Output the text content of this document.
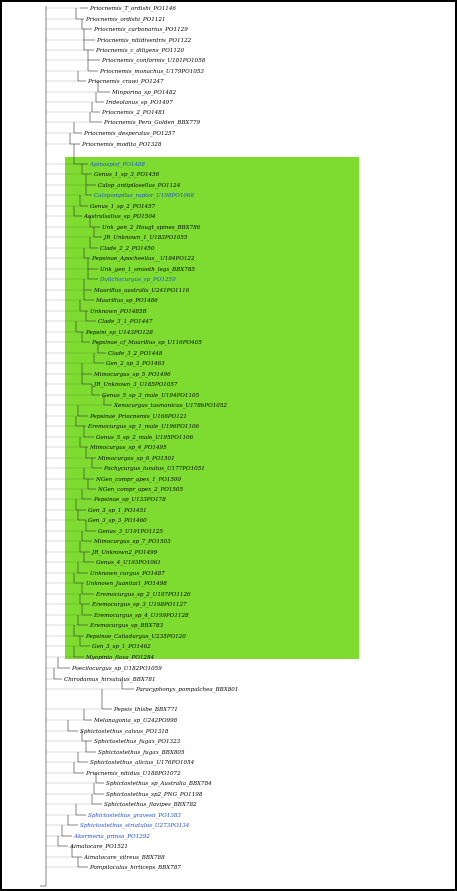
Priocnemis_T_ordishi_PO1146
Priocnemis_ordishi_PO1121
Priocnemis_carbonarius_PO1129
Priocnemis_nitidiventris_PO1122
Priocnemis_c_diligens_PO1120
Priocnemis_conformis_U181PO1058
Priocnemis_monachus_U179PO1053
Priocnemis_crawi_PO1247
Minporina_sp_PO1482
Irideolanus_sp_PO1497
Priocnemis_2_PO1481
Priocnemis_Peru_Golden_BBX779
Priocnemis_desperatus_PO1257
Priocnemis_modita_PO1328
Apinaspisf_PO1488
Genus_1_sp_3_PO1456
Calop_antipilosellus_PO1124
Calopompilus_raptor_U198PO1068
Genus_1_sp_2_PO1457
Australsalius_sp_PO1504
Unk_gen_2_Hougt_spines_BBX786
JR_Unknown_1_U183PO1055
Clade_2_2_PO1450
Pepsinae_Apocheelius__U184PO122
Unk_gen_1_smooth_legs_BBX785
Dolichocurgus_sp_PO1259
Maurillus_australis_U241PO1116
Maurillus_sp_PO1486
Unknown_PO1485B
Clade_3_1_PO1447
Pepsini_sp_U143PO128
Pepsinae_cf_Maurillus_sp_U116PO405
Clade_3_2_PO1448
Gen_2_sp_3_PO1463
Mimocurgus_sp_5_PO1496
JR_Unknown_3_U185PO1057
Genus_5_sp_3_male_U194PO1105
Xenocurgus_tasmanicus_U178bPO1052
Pepsinae_Priocnemis_U166PO121
Eremocurgus_sp_1_male_U196PO1106
Genus_5_sp_2_male_U195PO1106
Mimocurgus_sp_4_PO1495
Mimocurgus_sp_6_PO1501
Pachycurgus_lunatus_U177PO1051
NGen_compr_apex_1_PO1500
NGen_compr_apex_2_PO1505
Pepsinae_sp_U133PO178
Gen_3_sp_1_PO1451
Gen_3_sp_3_PO1460
Genus_3_U191PO1125
Mimocurgus_sp_7_PO1503
JR_Unknown2_PO1499
Genus_4_U193PO1061
Unknown_curgus_PO1487
Unknown_Juanitai1_PO1498
Eremocurgus_sp_2_U197PO1126
Eremocurgus_sp_3_U198PO1127
Eremocurgus_sp_4_U199PO1128
Eremocurgus_sp_BBX783
Pepsinae_Caliadurgus_U235PO120
Gen_3_sp_1_PO1462
Myopinia_flava_PO1284
Poecilocurgus_sp_U182PO1059
Chirodamus_hirsutulus_BBX781
Paracyphonyx_pompalchea_BBX801
Pepsis_thisbe_BBX771
Melanagonia_sp_U242PO998
Sphictostethus_calvus_PO1318
Sphictostethus_fugax_PO1323
Sphictostethus_fugax_BBX805
Sphictostethus_alicius_U176PO1054
Priocnemis_nitidus_U188PO1072
Sphictostethus_sp_Australia_BBX784
Sphictostethus_sp2_PNG_PO1198
Sphictostethus_flavipes_BBX782
Sphictostethus_gravesii_PO1383
Sphictostethus_striatulus_U273PO134
Akermeria_prinsa_PO1292
Aimatocare_PO1521
Aimatocare_vitreus_BBX788
Pompilocalus_hirticeps_BBX787
